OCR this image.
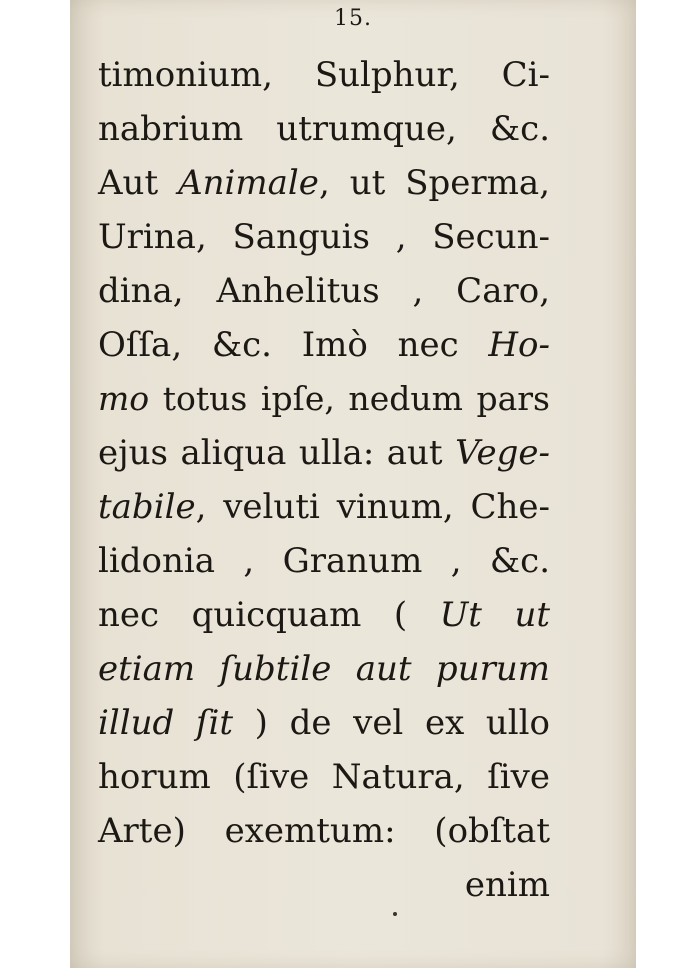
15.
timonium, Sulphur, Ci-
nabrium utrumque, &c.
Aut Animale, ut Sperma,
Urina, Sanguis , Secun-
dina, Anhelitus , Caro,
Oſſa, &c. Imò nec Ho-
mo totus ipſe, nedum pars
ejus aliqua ulla: aut Vege-
tabile, veluti vinum, Che-
lidonia , Granum , &c.
nec quicquam ( Ut ut
etiam ſubtile aut purum
illud ſit ) de vel ex ullo
horum (ſive Natura, ſive
Arte) exemtum: (obſtat
enim
